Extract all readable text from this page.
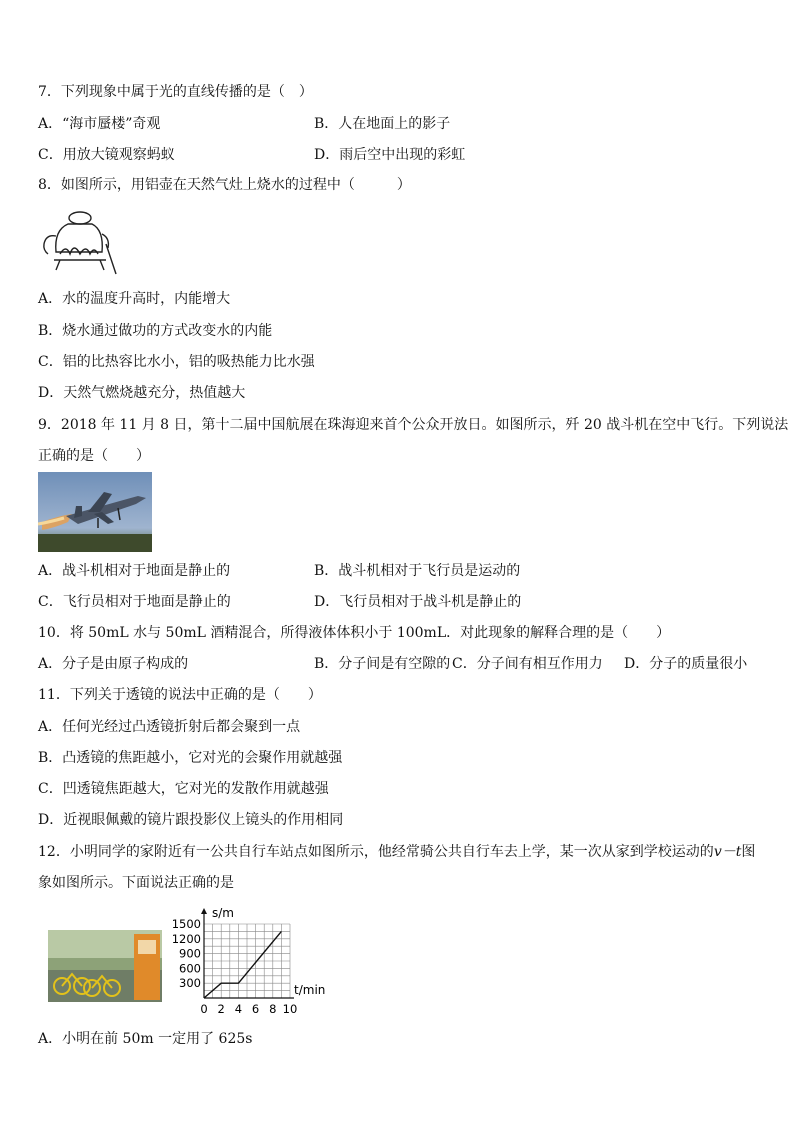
7．下列现象中属于光的直线传播的是（　）
A．“海市蜃楼”奇观	B．人在地面上的影子
C．用放大镜观察蚂蚁	D．雨后空中出现的彩虹
8．如图所示，用铝壶在天然气灶上烧水的过程中（　　　）
A．水的温度升高时，内能增大
B．烧水通过做功的方式改变水的内能
C．铝的比热容比水小，铝的吸热能力比水强
D．天然气燃烧越充分，热值越大
9．2018 年 11 月 8 日，第十二届中国航展在珠海迎来首个公众开放日。如图所示，歼 20 战斗机在空中飞行。下列说法
正确的是（　　）
A．战斗机相对于地面是静止的	B．战斗机相对于飞行员是运动的
C．飞行员相对于地面是静止的	D．飞行员相对于战斗机是静止的
10．将 50mL 水与 50mL 酒精混合，所得液体体积小于 100mL．对此现象的解释合理的是（　　）
A．分子是由原子构成的	B．分子间是有空隙的 C．分子间有相互作用力 D．分子的质量很小
11．下列关于透镜的说法中正确的是（　　）
A．任何光经过凸透镜折射后都会聚到一点
B．凸透镜的焦距越小，它对光的会聚作用就越强
C．凹透镜焦距越大，它对光的发散作用就越强
D．近视眼佩戴的镜片跟投影仪上镜头的作用相同
12．小明同学的家附近有一公共自行车站点如图所示，他经常骑公共自行车去上学，某一次从家到学校运动的v－t图
象如图所示。下面说法正确的是
0 2 4 6 8 10
300
600
900
1200
1500
s/m
t/min
A．小明在前 50m 一定用了 625s
